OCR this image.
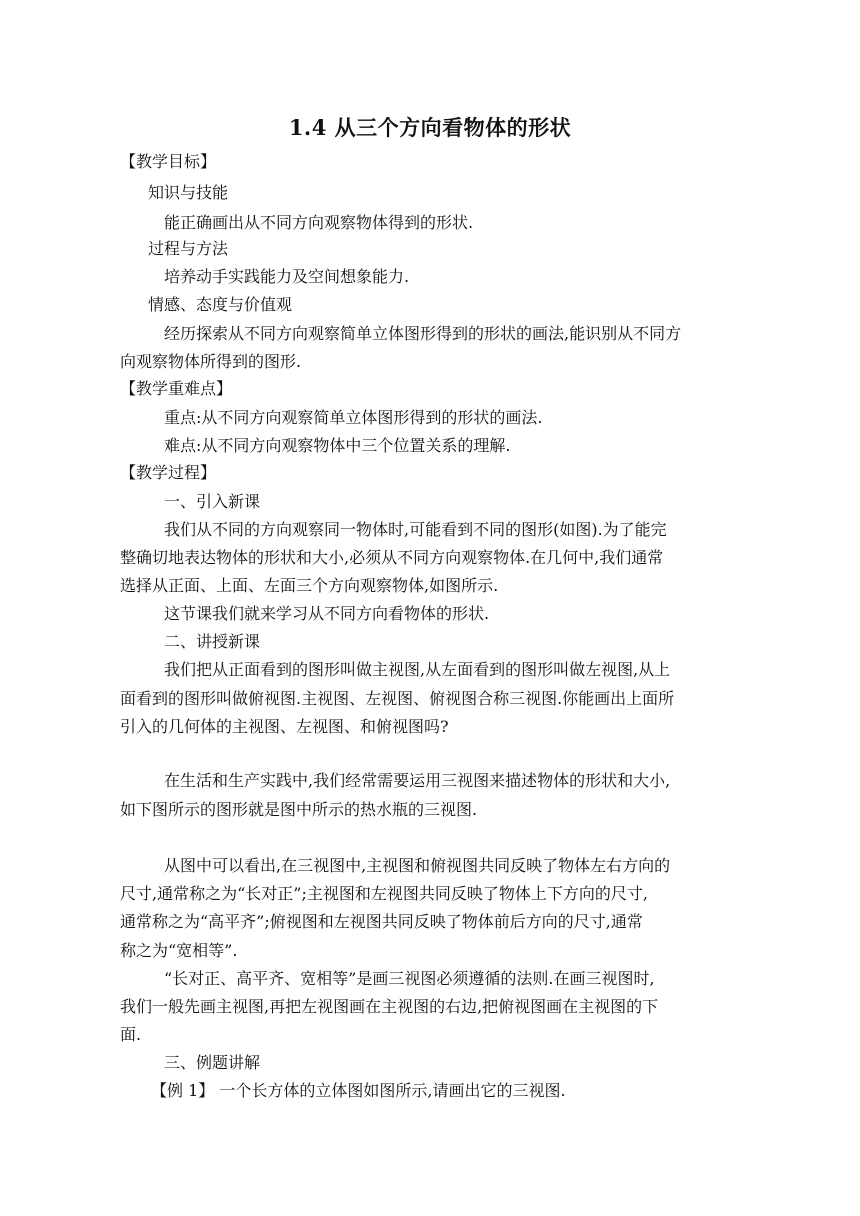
1.4 从三个方向看物体的形状
【教学目标】
知识与技能
能正确画出从不同方向观察物体得到的形状.
过程与方法
培养动手实践能力及空间想象能力.
情感、态度与价值观
经历探索从不同方向观察简单立体图形得到的形状的画法,能识别从不同方
向观察物体所得到的图形.
【教学重难点】
重点:从不同方向观察简单立体图形得到的形状的画法.
难点:从不同方向观察物体中三个位置关系的理解.
【教学过程】
一、引入新课
我们从不同的方向观察同一物体时,可能看到不同的图形(如图).为了能完
整确切地表达物体的形状和大小,必须从不同方向观察物体.在几何中,我们通常
选择从正面、上面、左面三个方向观察物体,如图所示.
这节课我们就来学习从不同方向看物体的形状.
二、讲授新课
我们把从正面看到的图形叫做主视图,从左面看到的图形叫做左视图,从上
面看到的图形叫做俯视图.主视图、左视图、俯视图合称三视图.你能画出上面所
引入的几何体的主视图、左视图、和俯视图吗?
在生活和生产实践中,我们经常需要运用三视图来描述物体的形状和大小,
如下图所示的图形就是图中所示的热水瓶的三视图.
从图中可以看出,在三视图中,主视图和俯视图共同反映了物体左右方向的
尺寸,通常称之为“长对正”;主视图和左视图共同反映了物体上下方向的尺寸,
通常称之为“高平齐”;俯视图和左视图共同反映了物体前后方向的尺寸,通常
称之为“宽相等”.
“长对正、高平齐、宽相等”是画三视图必须遵循的法则.在画三视图时,
我们一般先画主视图,再把左视图画在主视图的右边,把俯视图画在主视图的下
面.
三、例题讲解
【例 1】 一个长方体的立体图如图所示,请画出它的三视图.
